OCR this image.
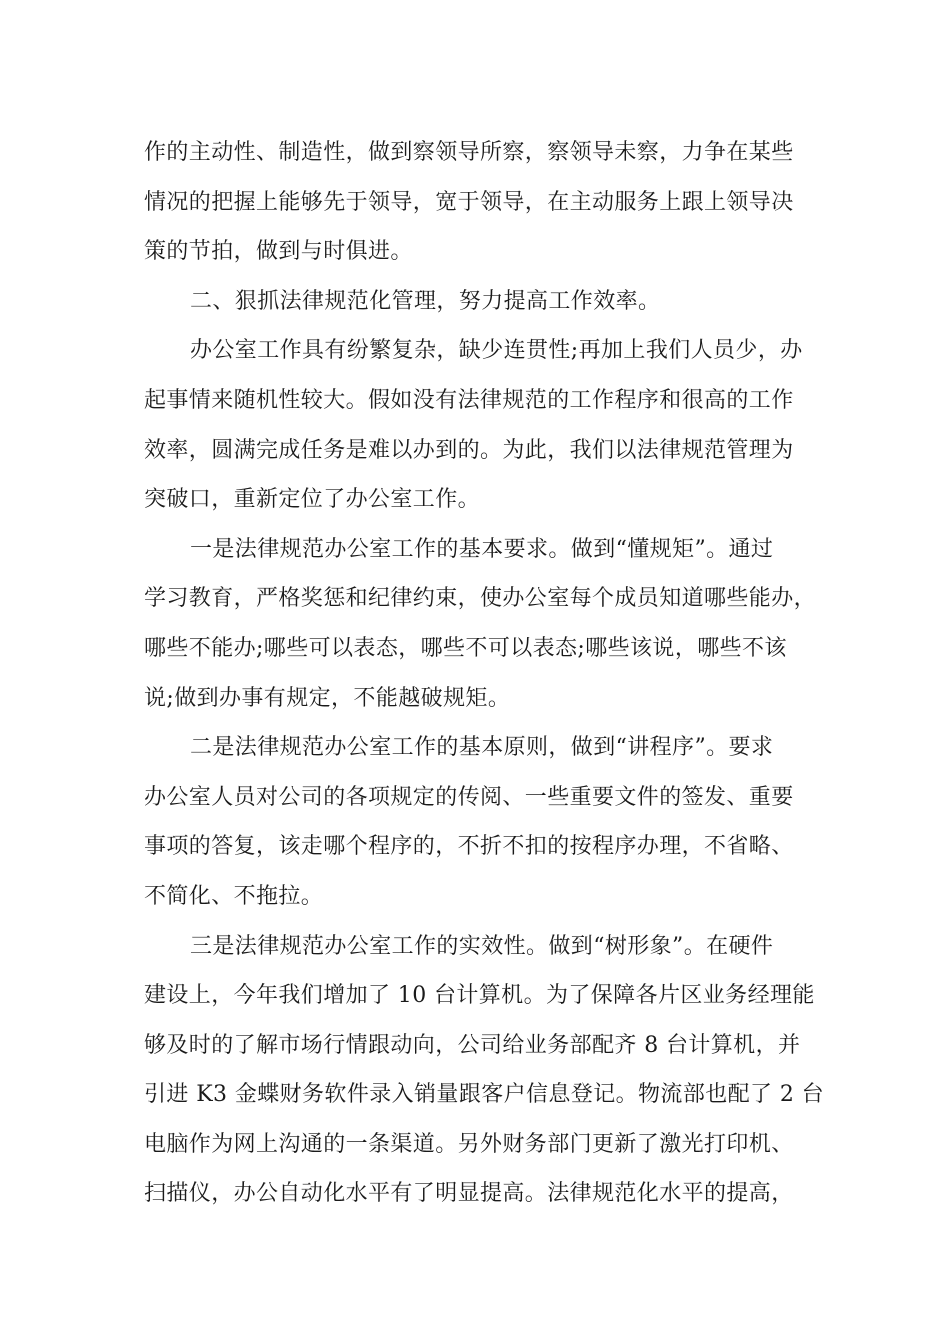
作的主动性、制造性，做到察领导所察，察领导未察，力争在某些
情况的把握上能够先于领导，宽于领导，在主动服务上跟上领导决
策的节拍，做到与时俱进。
二、狠抓法律规范化管理，努力提高工作效率。
办公室工作具有纷繁复杂，缺少连贯性;再加上我们人员少，办
起事情来随机性较大。假如没有法律规范的工作程序和很高的工作
效率，圆满完成任务是难以办到的。为此，我们以法律规范管理为
突破口，重新定位了办公室工作。
一是法律规范办公室工作的基本要求。做到“懂规矩”。通过
学习教育，严格奖惩和纪律约束，使办公室每个成员知道哪些能办，
哪些不能办;哪些可以表态，哪些不可以表态;哪些该说，哪些不该
说;做到办事有规定，不能越破规矩。
二是法律规范办公室工作的基本原则，做到“讲程序”。要求
办公室人员对公司的各项规定的传阅、一些重要文件的签发、重要
事项的答复，该走哪个程序的，不折不扣的按程序办理，不省略、
不简化、不拖拉。
三是法律规范办公室工作的实效性。做到“树形象”。在硬件
建设上，今年我们增加了 10 台计算机。为了保障各片区业务经理能
够及时的了解市场行情跟动向，公司给业务部配齐 8 台计算机，并
引进 K3 金蝶财务软件录入销量跟客户信息登记。物流部也配了 2 台
电脑作为网上沟通的一条渠道。另外财务部门更新了激光打印机、
扫描仪，办公自动化水平有了明显提高。法律规范化水平的提高，
